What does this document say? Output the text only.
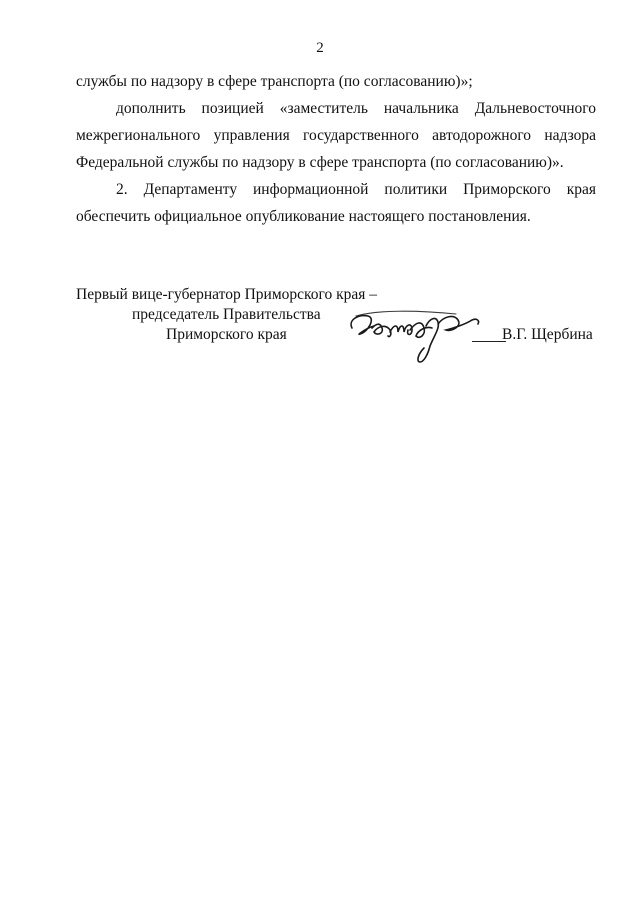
2
службы по надзору в сфере транспорта (по согласованию)»;
дополнить позицией «заместитель начальника Дальневосточного
межрегионального управления государственного автодорожного надзора
Федеральной службы по надзору в сфере транспорта (по согласованию)».
2. Департаменту информационной политики Приморского края
обеспечить официальное опубликование настоящего постановления.
Первый вице-губернатор Приморского края –
председатель Правительства
Приморского края	В.Г. Щербина
